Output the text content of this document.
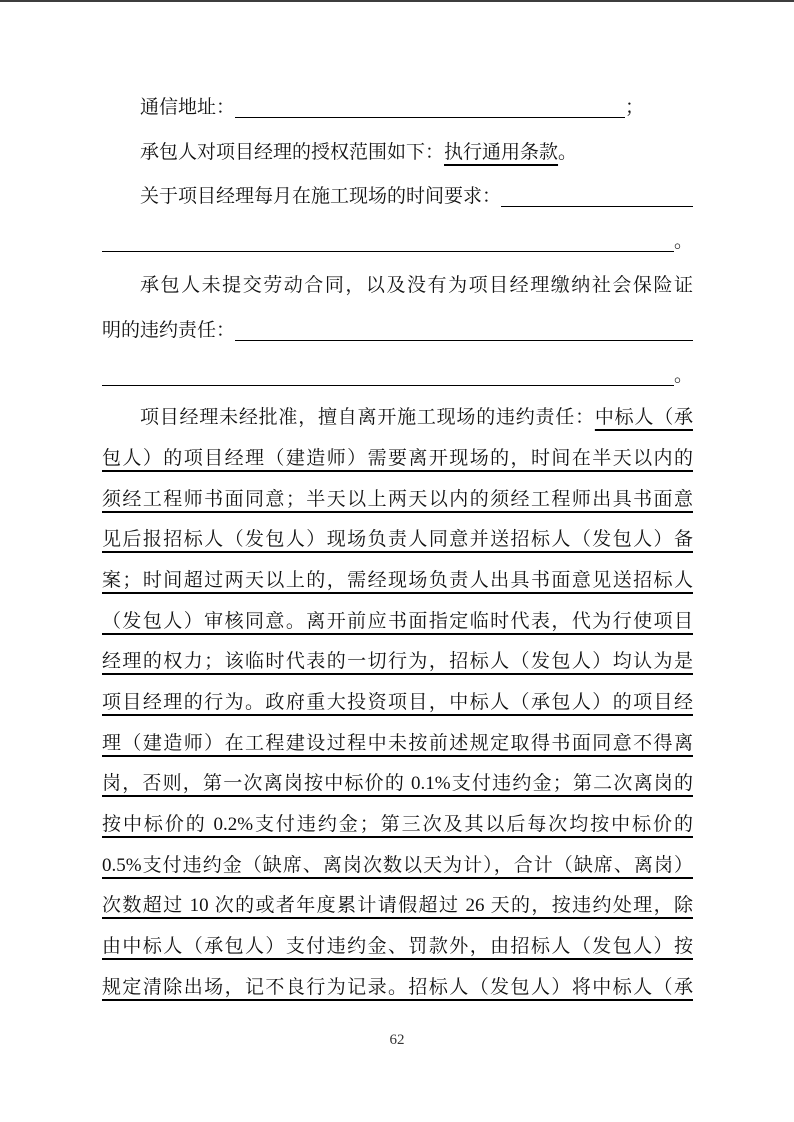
通信地址：	；
承包人对项目经理的授权范围如下：执行通用条款。
关于项目经理每月在施工现场的时间要求：
。
承包人未提交劳动合同，以及没有为项目经理缴纳社会保险证
明的违约责任：
。
项目经理未经批准，擅自离开施工现场的违约责任：中标人（承
包人）的项目经理（建造师）需要离开现场的，时间在半天以内的
须经工程师书面同意；半天以上两天以内的须经工程师出具书面意
见后报招标人（发包人）现场负责人同意并送招标人（发包人）备
案；时间超过两天以上的，需经现场负责人出具书面意见送招标人
（发包人）审核同意。离开前应书面指定临时代表，代为行使项目
经理的权力；该临时代表的一切行为，招标人（发包人）均认为是
项目经理的行为。政府重大投资项目，中标人（承包人）的项目经
理（建造师）在工程建设过程中未按前述规定取得书面同意不得离
岗，否则，第一次离岗按中标价的 0.1%支付违约金；第二次离岗的
按中标价的 0.2%支付违约金；第三次及其以后每次均按中标价的
0.5%支付违约金（缺席、离岗次数以天为计），合计（缺席、离岗）
次数超过 10 次的或者年度累计请假超过 26 天的，按违约处理，除
由中标人（承包人）支付违约金、罚款外，由招标人（发包人）按
规定清除出场，记不良行为记录。招标人（发包人）将中标人（承
62
